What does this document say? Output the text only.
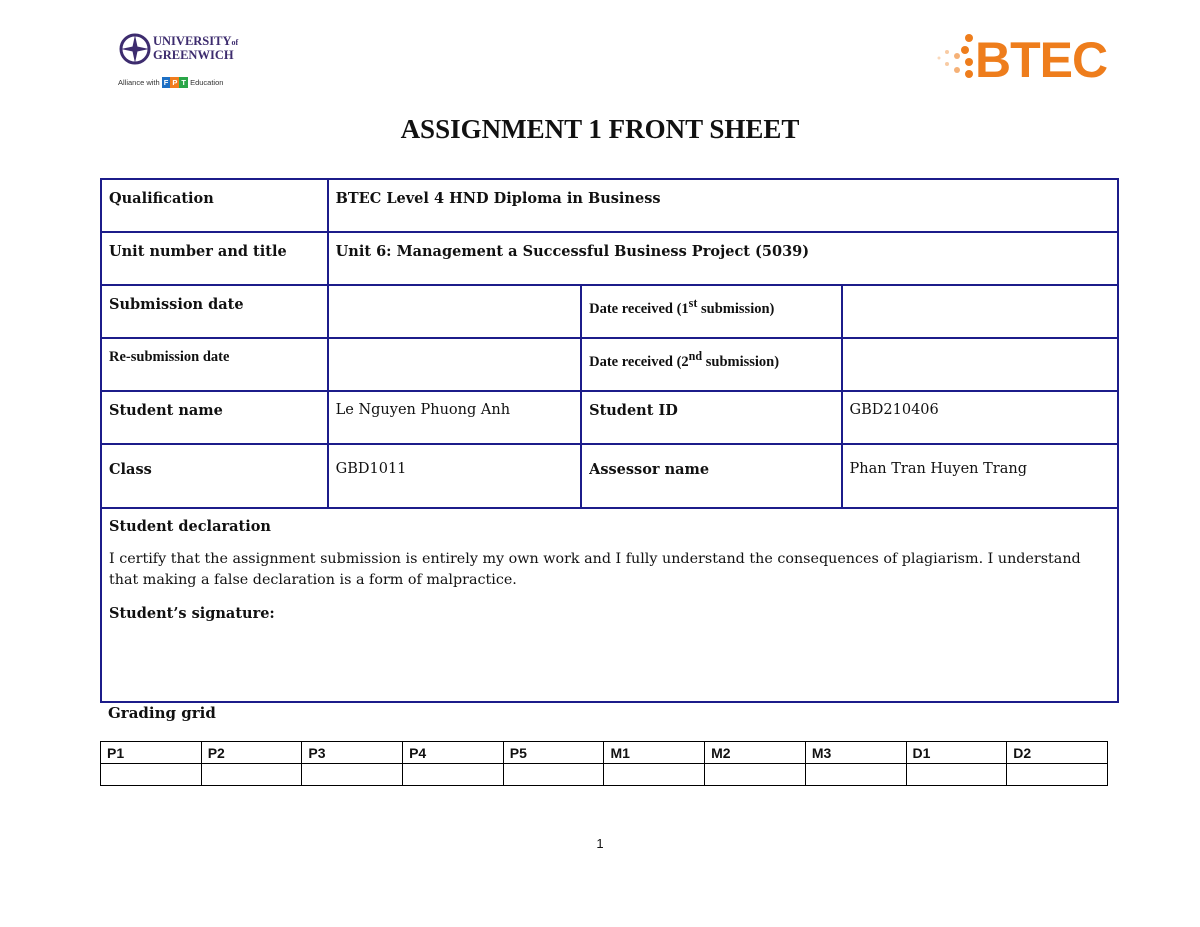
UNIVERSITYof
GREENWICH
Alliance with F P T Education	BTEC
ASSIGNMENT 1 FRONT SHEET
Qualification	BTEC Level 4 HND Diploma in Business		
Unit number and title	Unit 6: Management a Successful Business Project (5039)		
Submission date		Date received (1st submission)	
Re-submission date		Date received (2nd submission)	
Student name	Le Nguyen Phuong Anh	Student ID	GBD210406
Class	GBD1011	Assessor name	Phan Tran Huyen Trang

Student declaration
I certify that the assignment submission is entirely my own work and I fully understand the consequences of plagiarism. I understand that making a false declaration is a form of malpractice.
Student’s signature:			
Grading grid
P1	P2	P3	P4	P5	M1	M2	M3	D1	D2

1
